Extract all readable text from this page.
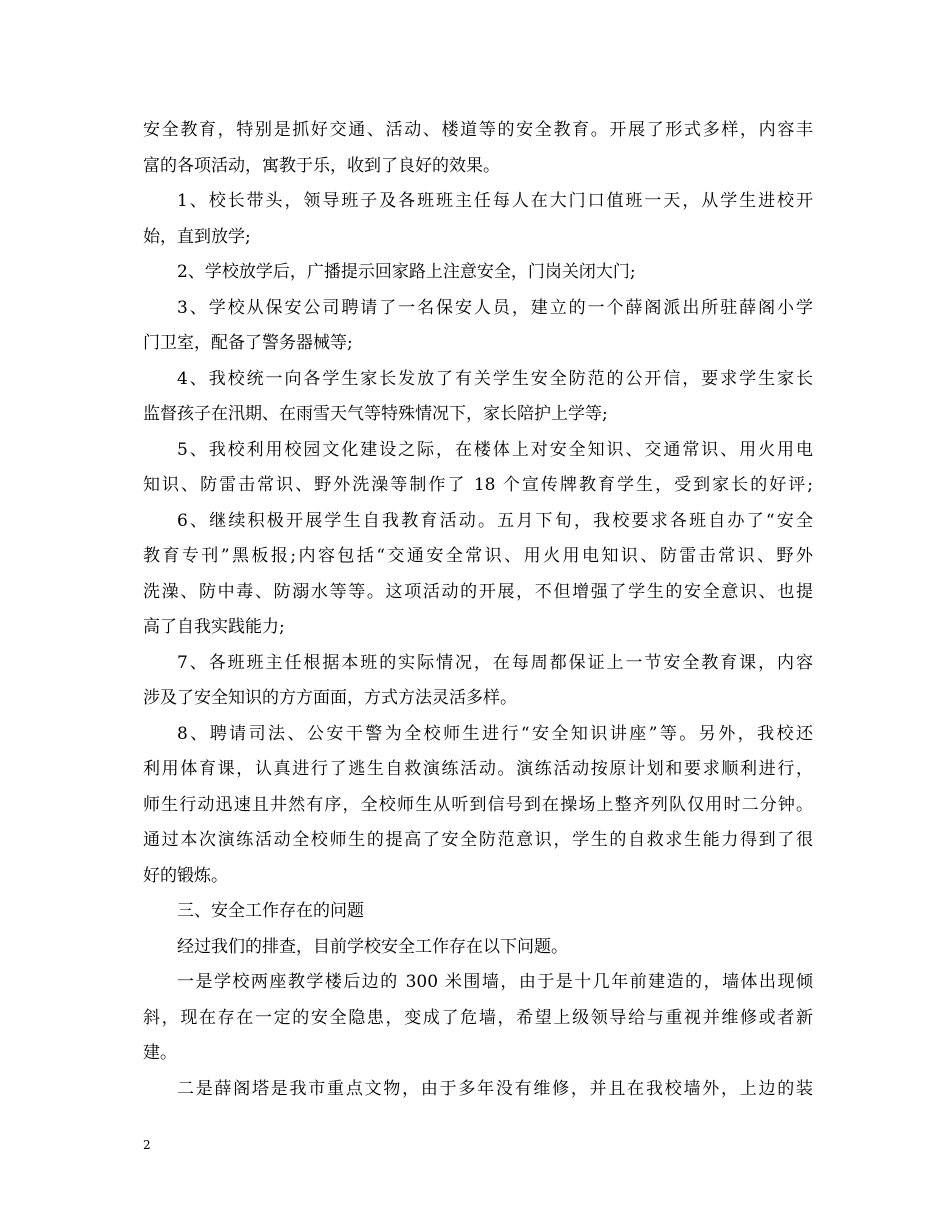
安全教育，特别是抓好交通、活动、楼道等的安全教育。开展了形式多样，内容丰
富的各项活动，寓教于乐，收到了良好的效果。
1、校长带头，领导班子及各班班主任每人在大门口值班一天，从学生进校开
始，直到放学;
2、学校放学后，广播提示回家路上注意安全，门岗关闭大门;
3、学校从保安公司聘请了一名保安人员，建立的一个薛阁派出所驻薛阁小学
门卫室，配备了警务器械等;
4、我校统一向各学生家长发放了有关学生安全防范的公开信，要求学生家长
监督孩子在汛期、在雨雪天气等特殊情况下，家长陪护上学等;
5、我校利用校园文化建设之际，在楼体上对安全知识、交通常识、用火用电
知识、防雷击常识、野外洗澡等制作了 18 个宣传牌教育学生，受到家长的好评;
6、继续积极开展学生自我教育活动。五月下旬，我校要求各班自办了“安全
教育专刊”黑板报;内容包括“交通安全常识、用火用电知识、防雷击常识、野外
洗澡、防中毒、防溺水等等。这项活动的开展，不但增强了学生的安全意识、也提
高了自我实践能力;
7、各班班主任根据本班的实际情况，在每周都保证上一节安全教育课，内容
涉及了安全知识的方方面面，方式方法灵活多样。
8、聘请司法、公安干警为全校师生进行“安全知识讲座”等。另外，我校还
利用体育课，认真进行了逃生自救演练活动。演练活动按原计划和要求顺利进行，
师生行动迅速且井然有序，全校师生从听到信号到在操场上整齐列队仅用时二分钟。
通过本次演练活动全校师生的提高了安全防范意识，学生的自救求生能力得到了很
好的锻炼。
三、安全工作存在的问题
经过我们的排查，目前学校安全工作存在以下问题。
一是学校两座教学楼后边的 300 米围墙，由于是十几年前建造的，墙体出现倾
斜，现在存在一定的安全隐患，变成了危墙，希望上级领导给与重视并维修或者新
建。
二是薛阁塔是我市重点文物，由于多年没有维修，并且在我校墙外，上边的装
2
